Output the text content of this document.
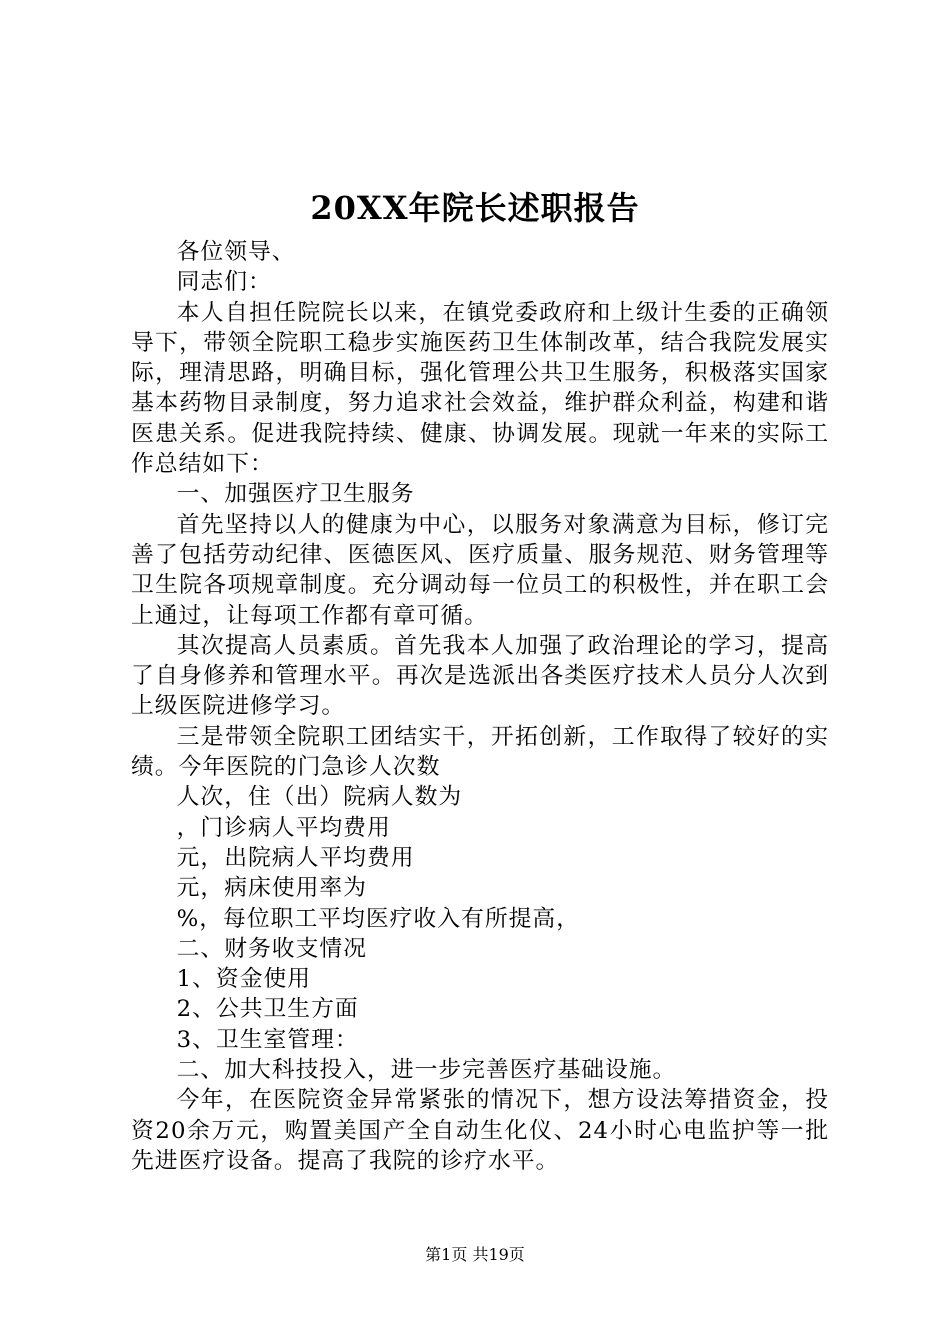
20XX年院长述职报告

各位领导、

同志们：

本人自担任院院长以来，在镇党委政府和上级计生委的正确领导下，带领全院职工稳步实施医药卫生体制改革，结合我院发展实际，理清思路，明确目标，强化管理公共卫生服务，积极落实国家基本药物目录制度，努力追求社会效益，维护群众利益，构建和谐医患关系。促进我院持续、健康、协调发展。现就一年来的实际工作总结如下：

一、加强医疗卫生服务

首先坚持以人的健康为中心，以服务对象满意为目标，修订完善了包括劳动纪律、医德医风、医疗质量、服务规范、财务管理等卫生院各项规章制度。充分调动每一位员工的积极性，并在职工会上通过，让每项工作都有章可循。

其次提高人员素质。首先我本人加强了政治理论的学习，提高了自身修养和管理水平。再次是选派出各类医疗技术人员分人次到上级医院进修学习。

三是带领全院职工团结实干，开拓创新，工作取得了较好的实绩。今年医院的门急诊人次数

人次，住（出）院病人数为

，门诊病人平均费用

元，出院病人平均费用

元，病床使用率为

%，每位职工平均医疗收入有所提高，

二、财务收支情况

1、资金使用

2、公共卫生方面

3、卫生室管理：

二、加大科技投入，进一步完善医疗基础设施。

今年，在医院资金异常紧张的情况下，想方设法筹措资金，投资20余万元，购置美国产全自动生化仪、24小时心电监护等一批先进医疗设备。提高了我院的诊疗水平。

第1页 共19页
